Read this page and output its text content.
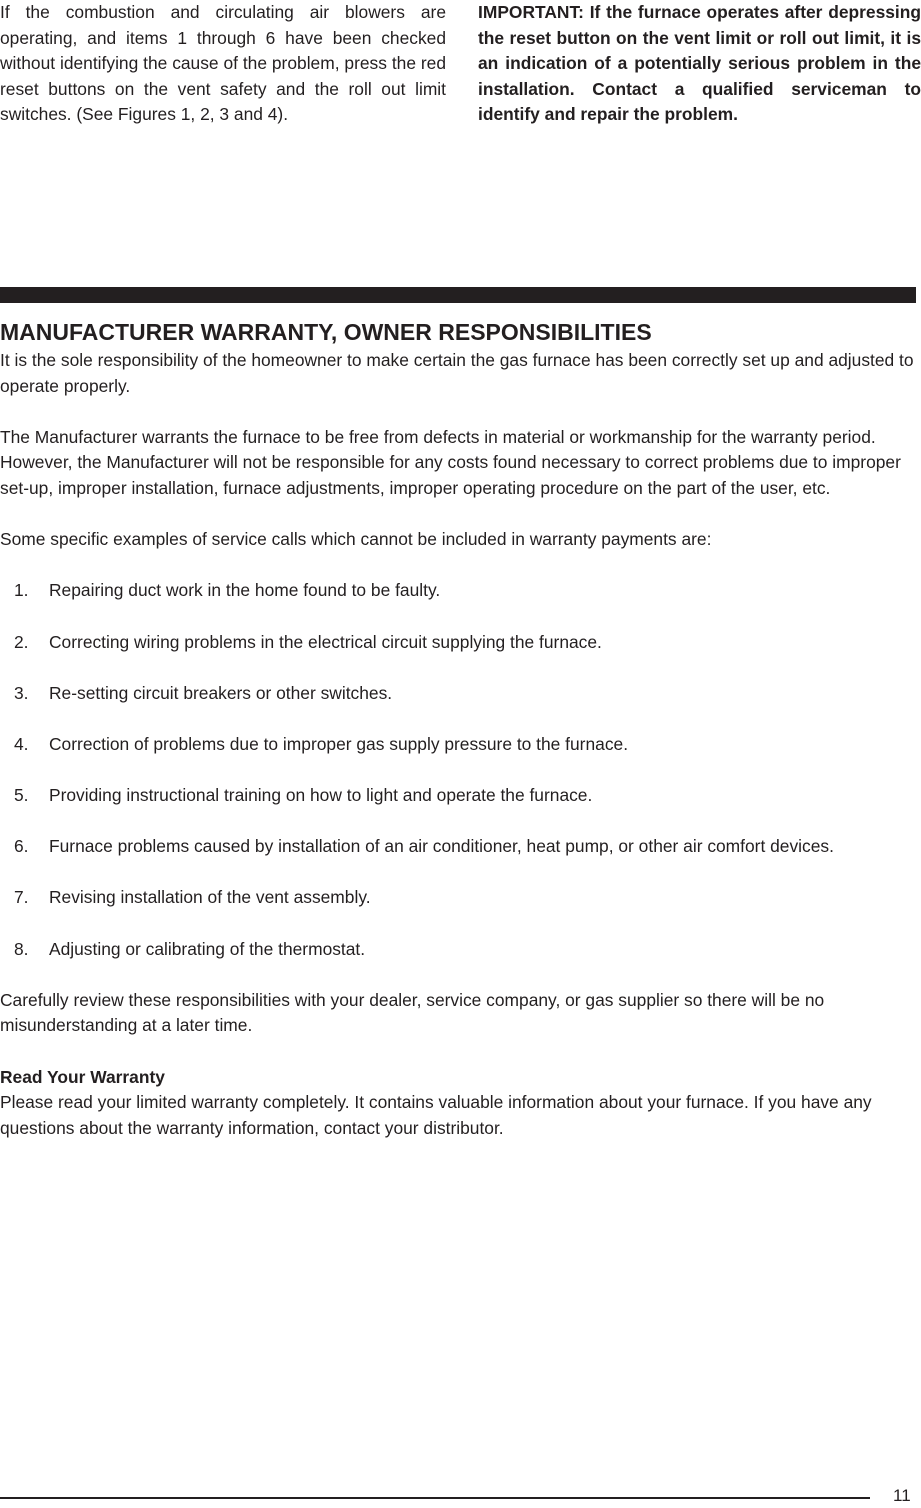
If the combustion and circulating air blowers are operating, and items 1 through 6 have been checked without identifying the cause of the problem, press the red reset buttons on the vent safety and the roll out limit switches. (See Figures 1, 2, 3 and 4).
IMPORTANT: If the furnace operates after depressing the reset button on the vent limit or roll out limit, it is an indication of a potentially serious problem in the installation. Contact a qualified serviceman to identify and repair the problem.
MANUFACTURER WARRANTY, OWNER RESPONSIBILITIES

It is the sole responsibility of the homeowner to make certain the gas furnace has been correctly set up and adjusted to operate properly.

The Manufacturer warrants the furnace to be free from defects in material or workmanship for the warranty period. However, the Manufacturer will not be responsible for any costs found necessary to correct problems due to improper set-up, improper installation, furnace adjustments, improper operating procedure on the part of the user, etc.

Some specific examples of service calls which cannot be included in warranty payments are:

1. Repairing duct work in the home found to be faulty.
2. Correcting wiring problems in the electrical circuit supplying the furnace.
3. Re-setting circuit breakers or other switches.
4. Correction of problems due to improper gas supply pressure to the furnace.
5. Providing instructional training on how to light and operate the furnace.
6. Furnace problems caused by installation of an air conditioner, heat pump, or other air comfort devices.
7. Revising installation of the vent assembly.
8. Adjusting or calibrating of the thermostat.

Carefully review these responsibilities with your dealer, service company, or gas supplier so there will be no misunderstanding at a later time.

Read Your Warranty

Please read your limited warranty completely. It contains valuable information about your furnace. If you have any questions about the warranty information, contact your distributor.

11
